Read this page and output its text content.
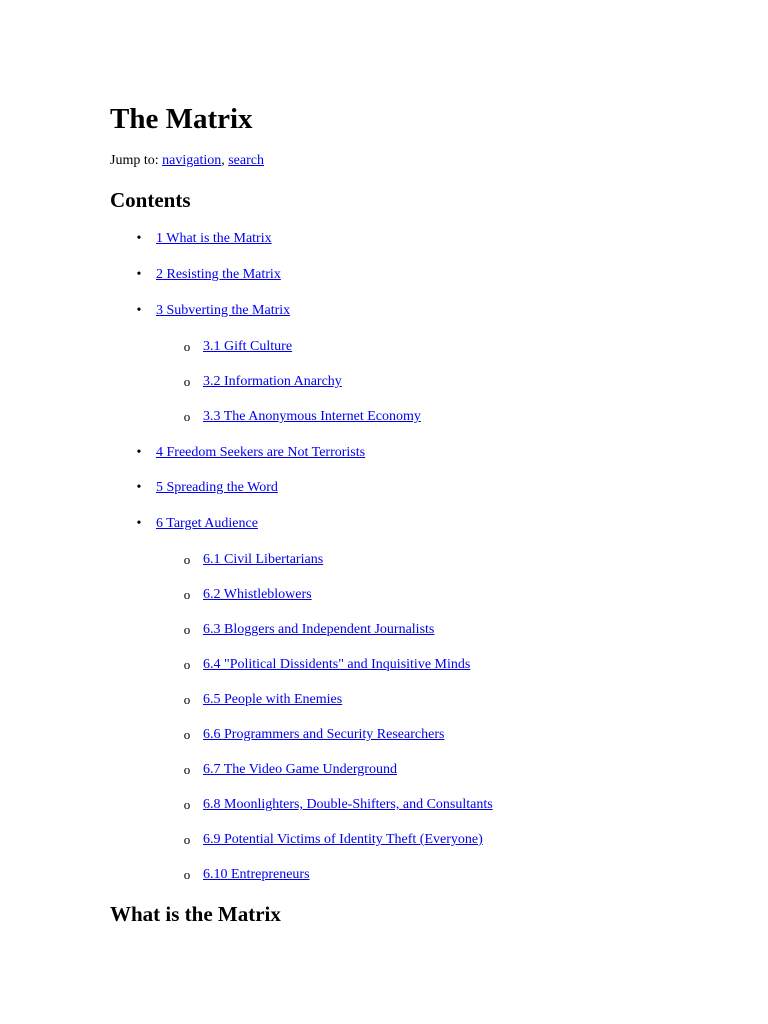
The Matrix
Jump to: navigation, search
Contents
•	1 What is the Matrix
•	2 Resisting the Matrix
•	3 Subverting the Matrix
o 3.1 Gift Culture
o 3.2 Information Anarchy
o 3.3 The Anonymous Internet Economy
•	4 Freedom Seekers are Not Terrorists
•	5 Spreading the Word
•	6 Target Audience
o 6.1 Civil Libertarians
o 6.2 Whistleblowers
o 6.3 Bloggers and Independent Journalists
o 6.4 "Political Dissidents" and Inquisitive Minds
o 6.5 People with Enemies
o 6.6 Programmers and Security Researchers
o 6.7 The Video Game Underground
o 6.8 Moonlighters, Double-Shifters, and Consultants
o 6.9 Potential Victims of Identity Theft (Everyone)
o 6.10 Entrepreneurs
What is the Matrix
